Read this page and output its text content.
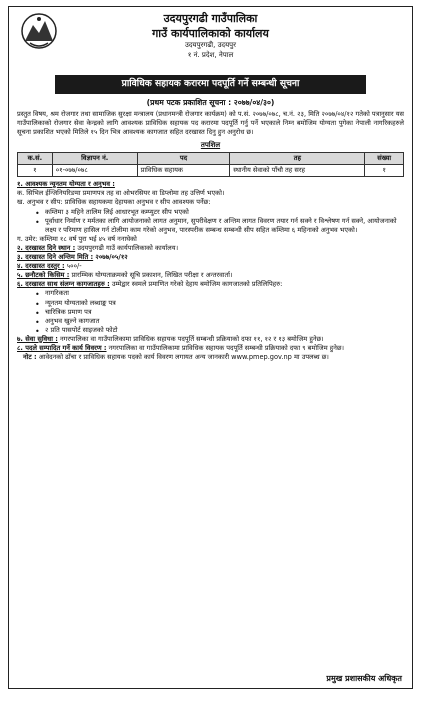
उदयपुरगढी गाउँपालिका
गाउँ कार्यपालिकाको कार्यालय
उदयपुरगढी, उदयपुर
१ नं. प्रदेश, नेपाल
प्राविधिक सहायक करारमा पदपूर्ति गर्ने सम्बन्धी सूचना
(प्रथम पटक प्रकाशित सूचना : २०७७/०४/३०)
प्रस्तुत विषय, श्रम रोजगार तथा सामाजिक सुरक्षा मन्त्रालय (प्रधानमन्त्री रोजगार कार्यक्रम) को प.सं. २०७७/०७८, च.नं. २३, मिति २०७७/०४/१२ गतेको पत्रानुसार यस गाउँपालिकाको रोजगार सेवा केन्द्रको लागि आवश्यक प्राविधिक सहायक पद करारमा पदपूर्ति गर्नु पर्ने भएकाले निम्न बमोजिम योग्यता पुगेका नेपाली नागरिकहरुले सूचना प्रकाशित भएको मितिले १५ दिन भित्र आवश्यक कागजात सहित दरखास्त दिनु हुन अनुरोध छ।
तपशिल
क.सं.	विज्ञापन नं.	पद	तह	संख्या
१	०१-०७७/०७८	प्राविधिक सहायक	स्थानीय सेवाको पाँचौ तह सरह	१
१. आवश्यक न्यूनतम योग्यता र अनुभव :
क. सिभिल ईन्जिनियरिङमा प्रमाणपत्र तह वा ओभरसियर वा डिप्लोमा तह उत्तिर्ण भएको।
ख. अनुभव र सीप: प्राविधिक सहायकमा देहायका अनुभव र सीप आवश्यक पर्नेछ:
• कम्तिमा ३ महिने तालिम लिई आधारभूत कम्प्युटर सीप भएको
• पूर्वाधार निर्माण र मर्मतका लागि आयोजनाको लागत अनुमान, सुपरीवेक्षण र अन्तिम लागत विवरण तयार गर्न सक्ने र विश्लेषण गर्न सक्ने, आयोजनाको लक्ष्य र परिमाण हासिल गर्न टोलीमा काम गरेको अनुभव, पारस्परीक सम्बन्ध सम्बन्धी सीप सहित कम्तिमा ६ महिनाको अनुभव भएको।
ग. उमेर: कम्तिमा १८ वर्ष पुरा भई ४५ वर्ष ननाघेको
२. दरखास्त दिने स्थान : उदयपुरगढी गाउँ कार्यपालिकाको कार्यालय।
३. दरखास्त दिने अन्तिम मिति : २०७७/०५/१२
४. दरखास्त दस्तुर : ५००/-
५. छनौटको किसिम : प्रारम्भिक योग्यताक्रमको सूचि प्रकाशन, लिखित परीक्षा र अन्तरवार्ता।
६. दरखास्त साथ संलग्न कागजातहरु : उम्मेद्वार स्वमले प्रमाणित गरेको देहाय बमोजिम कागजातको प्रतिलिपिहरु:
• नागरिकता
• न्यूनतम योग्यताको लब्धाङ्क पत्र
• चारित्रिक प्रमाण पत्र
• अनुभव खुल्ने कागजात
• २ प्रति पासपोर्ट साइजको फोटो
७. सेवा सुविधा : नगरपालिका वा गाउँपालिकामा प्राविधिक सहायक पदपूर्ति सम्बन्धी प्रक्रियाको दफा ११, १२ र १३ बमोजिम हुनेछ।
८. पदले सम्पादित गर्ने कार्य विवरण : नगरपालिका वा गाउँपालिकामा प्राविधिक सहायक पदपूर्ति सम्बन्धी प्रक्रियाको दफा ९ बमोजिम हुनेछ।
नोट : आवेदनको ढाँचा र प्राविधिक सहायक पदको कार्य विवरण लगायत अन्य जानकारी www.pmep.gov.np मा उपलब्ध छ।
प्रमुख प्रशासकीय अधिकृत
